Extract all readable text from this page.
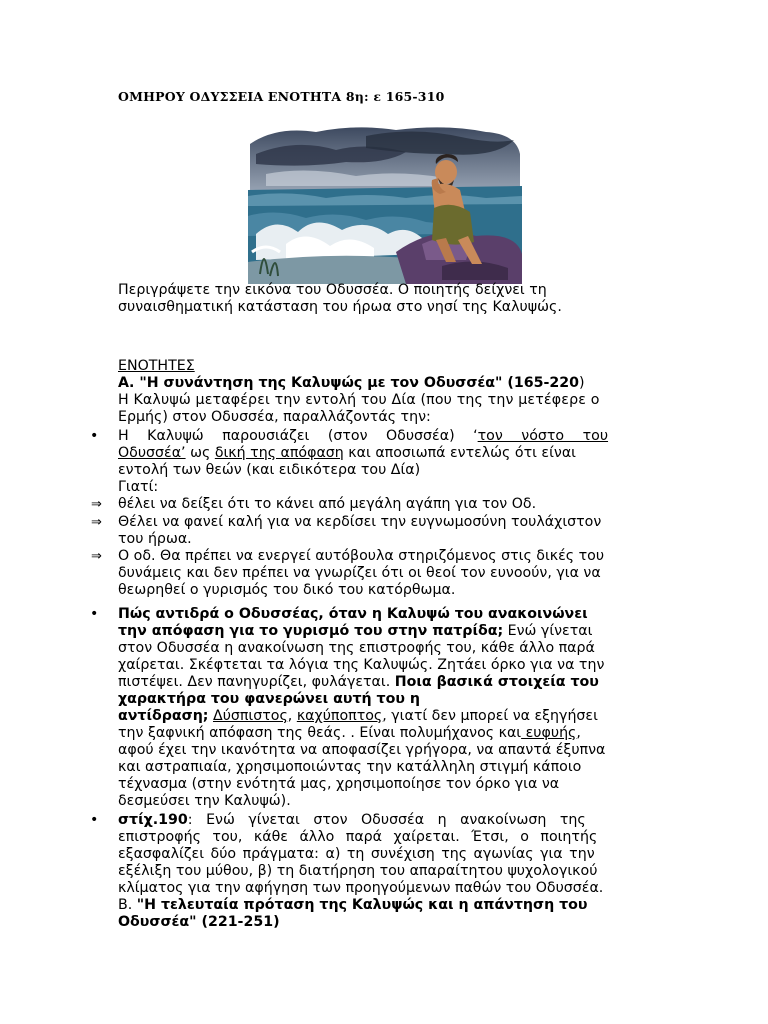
ΟΜΗΡΟΥ ΟΔΥΣΣΕΙΑ ΕΝΟΤΗΤΑ 8η: ε 165-310
Περιγράψετε την εικόνα του Οδυσσέα. Ο ποιητής δείχνει τη
συναισθηματική κατάσταση του ήρωα στο νησί της Καλυψώς.
ΕΝΟΤΗΤΕΣ
Α. "Η συνάντηση της Καλυψώς με τον Οδυσσέα" (165-220)
Η Καλυψώ μεταφέρει την εντολή του Δία (που της την μετέφερε ο
Ερμής) στον Οδυσσέα, παραλλάζοντάς την:
• Η Καλυψώ παρουσιάζει (στον Οδυσσέα) ‘τον νόστο του
Οδυσσέα’ ως δική της απόφαση και αποσιωπά εντελώς ότι είναι
εντολή των θεών (και ειδικότερα του Δία)
Γιατί:
⇒ θέλει να δείξει ότι το κάνει από μεγάλη αγάπη για τον Οδ.
⇒ Θέλει να φανεί καλή για να κερδίσει την ευγνωμοσύνη τουλάχιστον
του ήρωα.
⇒ Ο οδ. Θα πρέπει να ενεργεί αυτόβουλα στηριζόμενος στις δικές του
δυνάμεις και δεν πρέπει να γνωρίζει ότι οι θεοί τον ευνοούν, για να
θεωρηθεί ο γυρισμός του δικό του κατόρθωμα.
• Πώς αντιδρά ο Οδυσσέας, όταν η Καλυψώ του ανακοινώνει
την απόφαση για το γυρισμό του στην πατρίδα; Ενώ γίνεται
στον Οδυσσέα η ανακοίνωση της επιστροφής του, κάθε άλλο παρά
χαίρεται. Σκέφτεται τα λόγια της Καλυψώς. Ζητάει όρκο για να την
πιστέψει. Δεν πανηγυρίζει, φυλάγεται. Ποια βασικά στοιχεία του
χαρακτήρα του φανερώνει αυτή του η
αντίδραση; Δύσπιστος, καχύποπτος, γιατί δεν μπορεί να εξηγήσει
την ξαφνική απόφαση της θεάς. . Είναι πολυμήχανος και ευφυής,
αφού έχει την ικανότητα να αποφασίζει γρήγορα, να απαντά έξυπνα
και αστραπιαία, χρησιμοποιώντας την κατάλληλη στιγμή κάποιο
τέχνασμα (στην ενότητά μας, χρησιμοποίησε τον όρκο για να
δεσμεύσει την Καλυψώ).
• στίχ.190: Ενώ γίνεται στον Οδυσσέα η ανακοίνωση της
επιστροφής του, κάθε άλλο παρά χαίρεται. Έτσι, ο ποιητής
εξασφαλίζει δύο πράγματα: α) τη συνέχιση της αγωνίας για την
εξέλιξη του μύθου, β) τη διατήρηση του απαραίτητου ψυχολογικού
κλίματος για την αφήγηση των προηγούμενων παθών του Οδυσσέα.
Β. "Η τελευταία πρόταση της Καλυψώς και η απάντηση του
Οδυσσέα" (221-251)
